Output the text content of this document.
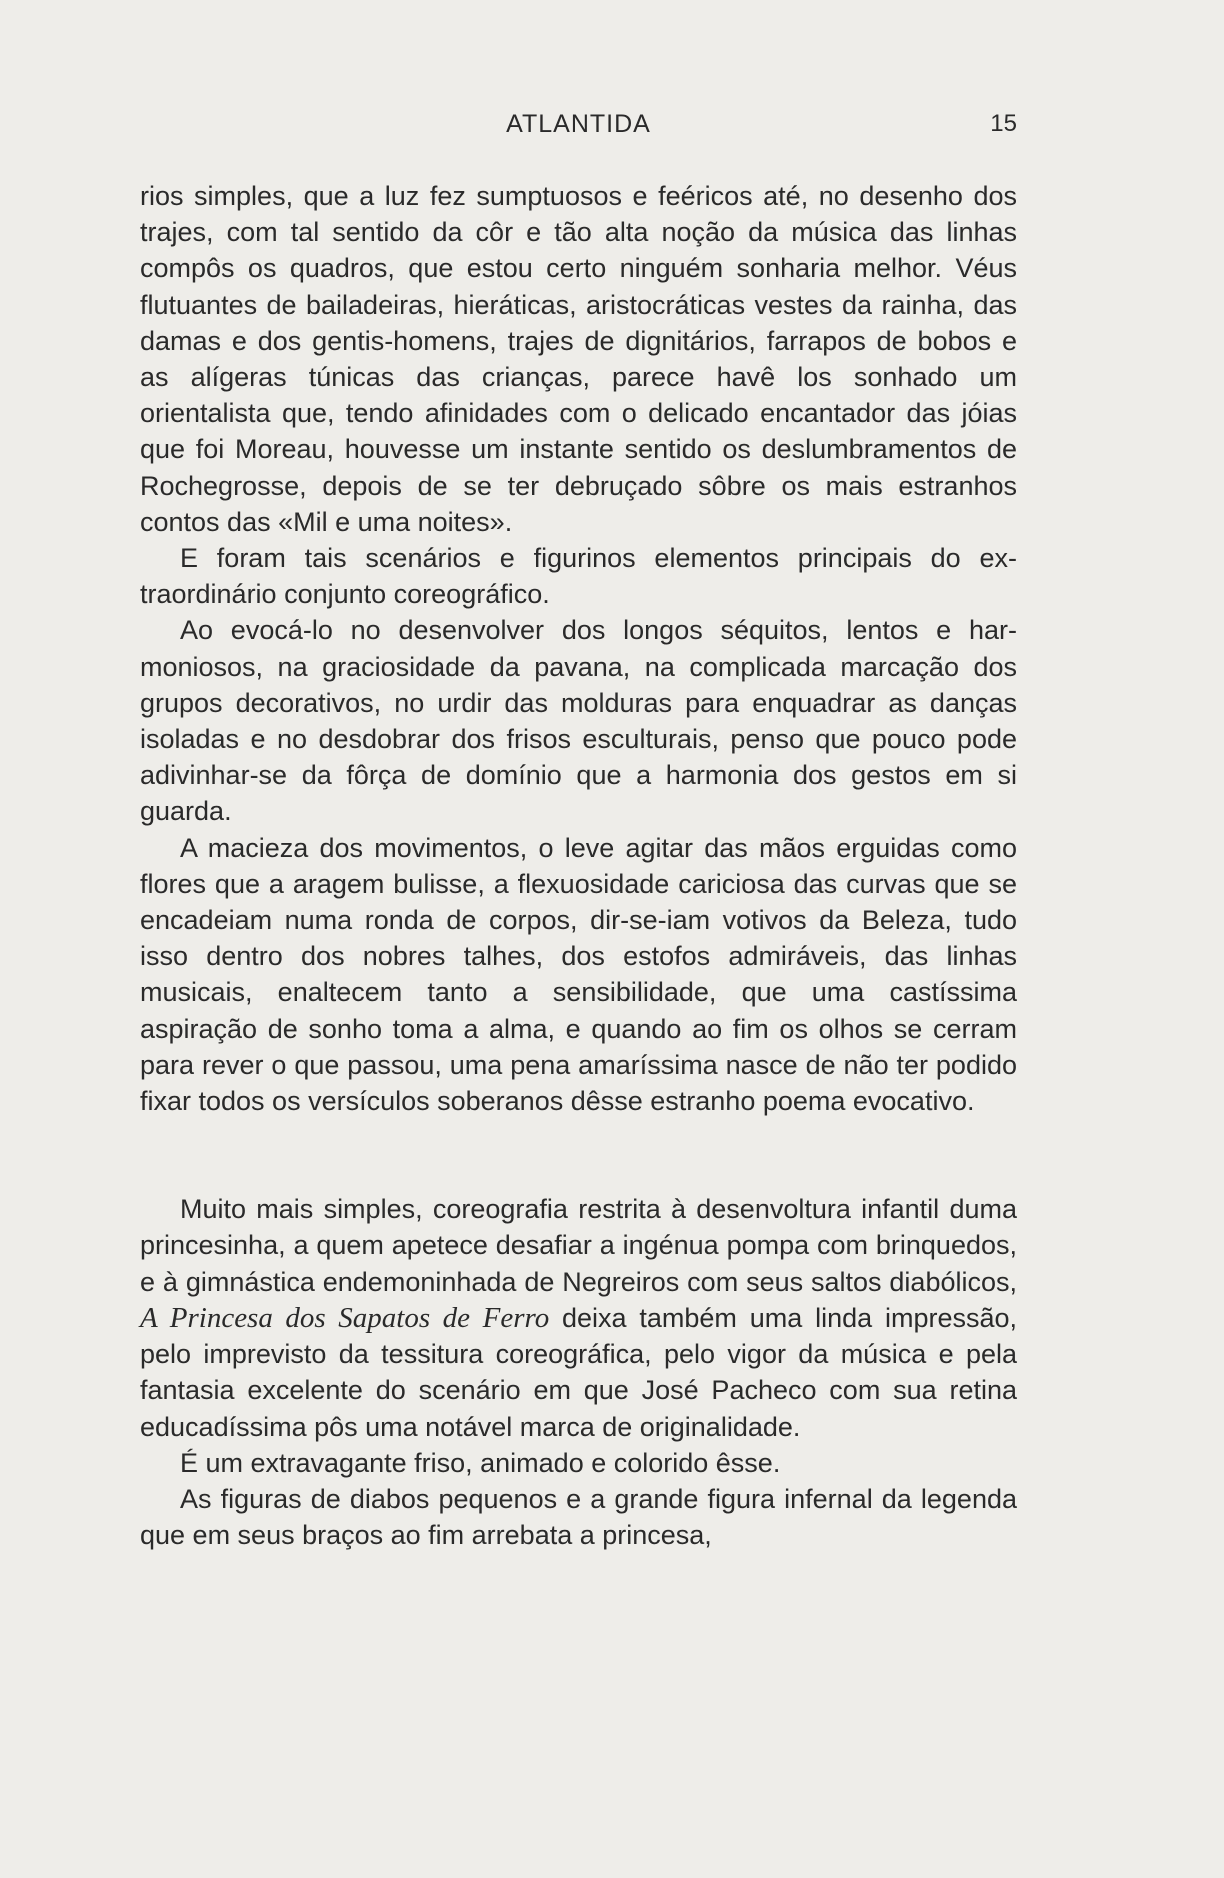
ATLANTIDA	15

rios simples, que a luz fez sumptuosos e feéricos até, no desenho dos trajes, com tal sentido da côr e tão alta noção da música das linhas compôs os quadros, que estou certo ninguém sonharia melhor. Véus flutuantes de bailadeiras, hieráticas, aristocráticas vestes da rainha, das damas e dos gentis-homens, trajes de dignitários, farrapos de bobos e as alígeras túnicas das crianças, parece havê los sonhado um orientalista que, tendo afinidades com o delicado encantador das jóias que foi Moreau, houvesse um instante sentido os deslumbramentos de Rochegrosse, depois de se ter debruçado sôbre os mais estranhos contos das «Mil e uma noites».

E foram tais scenários e figurinos elementos principais do extraordinário conjunto coreográfico.

Ao evocá-lo no desenvolver dos longos séquitos, lentos e harmoniosos, na graciosidade da pavana, na complicada marcação dos grupos decorativos, no urdir das molduras para enquadrar as danças isoladas e no desdobrar dos frisos esculturais, penso que pouco pode adivinhar-se da fôrça de domínio que a harmonia dos gestos em si guarda.

A macieza dos movimentos, o leve agitar das mãos erguidas como flores que a aragem bulisse, a flexuosidade cariciosa das curvas que se encadeiam numa ronda de corpos, dir-se-iam votivos da Beleza, tudo isso dentro dos nobres talhes, dos estofos admiráveis, das linhas musicais, enaltecem tanto a sensibilidade, que uma castíssima aspiração de sonho toma a alma, e quando ao fim os olhos se cerram para rever o que passou, uma pena amaríssima nasce de não ter podido fixar todos os versículos soberanos dêsse estranho poema evocativo.

Muito mais simples, coreografia restrita à desenvoltura infantil duma princesinha, a quem apetece desafiar a ingénua pompa com brinquedos, e à gimnástica endemoninhada de Negreiros com seus saltos diabólicos, A Princesa dos Sapatos de Ferro deixa também uma linda impressão, pelo imprevisto da tessitura coreográfica, pelo vigor da música e pela fantasia excelente do scenário em que José Pacheco com sua retina educadíssima pôs uma notável marca de originalidade.

É um extravagante friso, animado e colorido êsse.

As figuras de diabos pequenos e a grande figura infernal da legenda que em seus braços ao fim arrebata a princesa,
